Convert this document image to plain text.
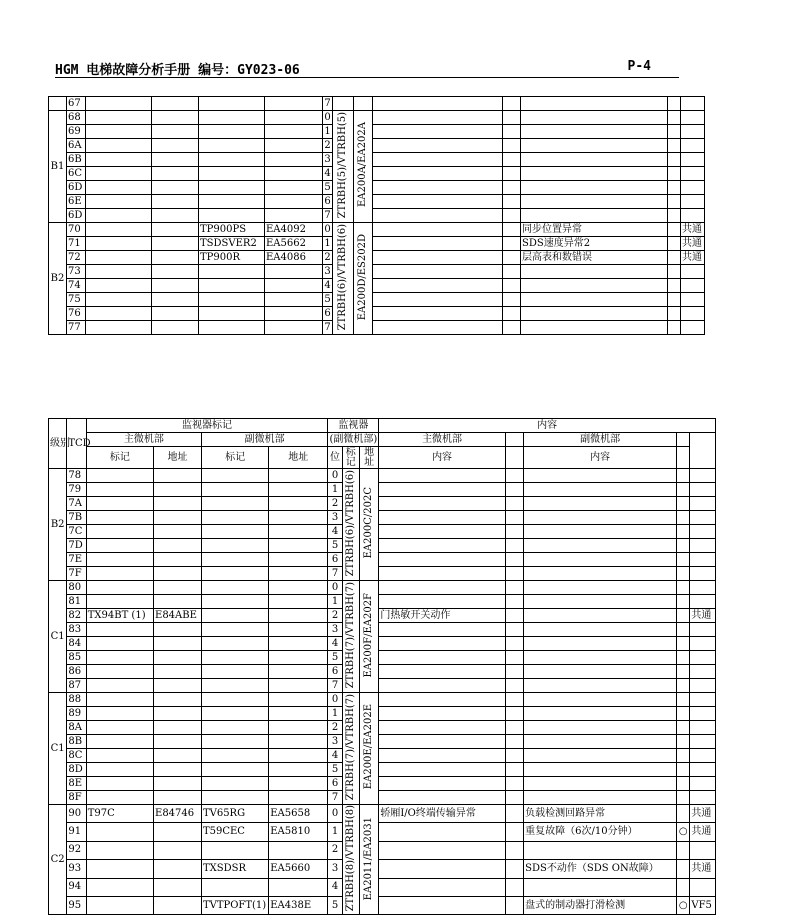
HGM 电梯故障分析手册 编号：GY023-06	P-4
	67					7							
B1	68					0	ZTRBH(5)/VTRBH(5)	EA200A/EA202A					
	69					1							
	6A					2							
	6B					3							
	6C					4							
	6D					5							
	6E					6							
	6D					7							
B2	70			TP900PS	EA4092	0	ZTRBH(6)/VTRBH(6)	EA200D/ES202D			同步位置异常		共通
	71			TSDSVER2	EA5662	1					SDS速度异常2		共通
	72			TP900R	EA4086	2					层高表和数错误		共通
	73					3							
	74					4							
	75					5							
	76					6							
	77					7							
级别	TCD	监视器标记				监视器			内容				
		主微机部		副微机部		(副微机部)			主微机部		副微机部		
		标记	地址	标记	地址	位	标记	地址	内容		内容		
B2	78					0	ZTRBH(6)/VTRBH(6)	EA200C/202C					
	79					1							
	7A					2							
	7B					3							
	7C					4							
	7D					5							
	7E					6							
	7F					7							
C1	80					0	ZTRBH(7)/VTRBH(7)	EA200F/EA202F					
	81					1							
	82	TX94BT (1)	E84ABE			2			门热敏开关动作				共通
	83					3							
	84					4							
	85					5							
	86					6							
	87					7							
C1	88					0	ZTRBH(7)/VTRBH(7)	EA200E/EA202E					
	89					1							
	8A					2							
	8B					3							
	8C					4							
	8D					5							
	8E					6							
	8F					7							
C2	90	T97C	E84746	TV65RG	EA5658	0	ZTRBH(8)/VTRBH(8)	EA2011/EA2031	轿厢I/O终端传输异常		负载检测回路异常		共通
	91			T59CEC	EA5810	1					重复故障（6次/10分钟）	○	共通
	92					2							
	93			TXSDSR	EA5660	3					SDS不动作（SDS ON故障）		共通
	94					4							
	95			TVTPOFT(1)	EA438E	5					盘式的制动器打滑检测	○	VF5
